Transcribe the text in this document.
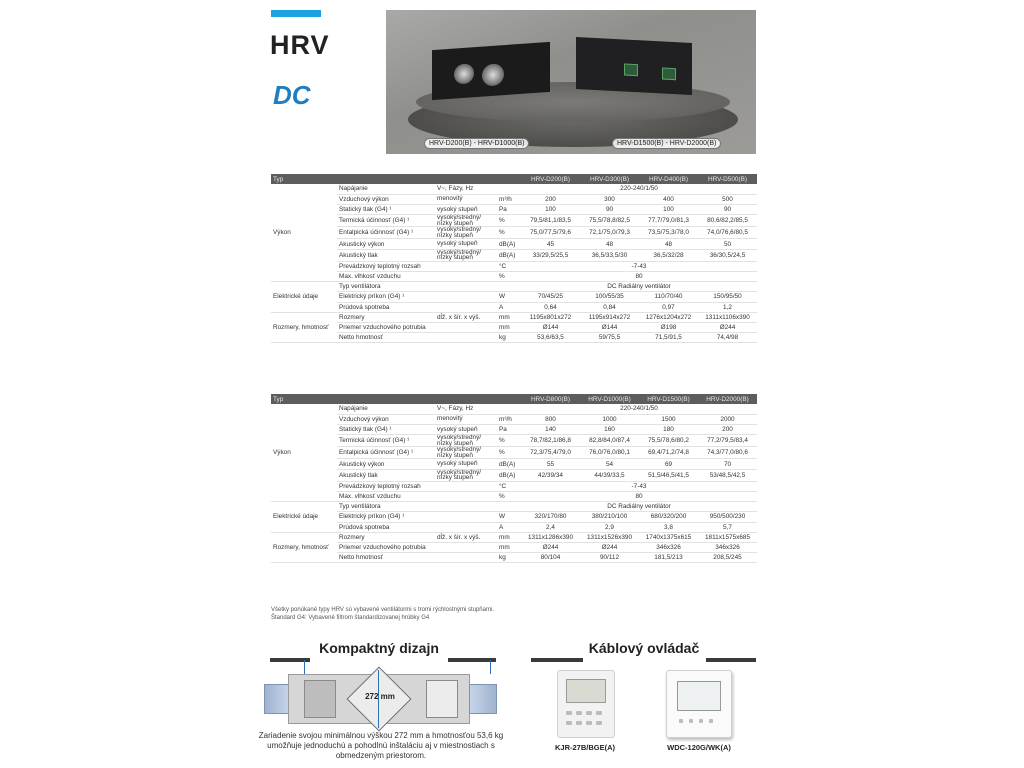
HRV
DC
HRV-D200(B) - HRV-D1000(B)	HRV-D1500(B) - HRV-D2000(B)
Typ				HRV-D200(B)	HRV-D300(B)	HRV-D400(B)	HRV-D500(B)
Výkon	Napájanie	V~, Fázy, Hz		220-240/1/50			
	Vzduchový výkon	menovitý	m³/h	200	300	400	500
	Statický tlak (G4) ¹	vysoký stupeň	Pa	100	90	100	90
	Termická účinnosť (G4) ¹	vysoký/stredný/ nízky stupeň	%	79,5/81,1/83,5	75,5/78,8/82,5	77,7/79,0/81,3	80,6/82,2/85,5
	Entalpická účinnosť (G4) ¹	vysoký/stredný/ nízky stupeň	%	75,0/77,5/79,6	72,1/75,0/79,3	73,5/75,3/78,0	74,0/76,6/80,5
	Akustický výkon	vysoký stupeň	dB(A)	45	48	48	50
	Akustický tlak	vysoký/stredný/ nízky stupeň	dB(A)	33/29,5/25,5	36,5/33,5/30	36,5/32/28	36/30,5/24,5
	Prevádzkový teplotný rozsah		°C	-7-43			
	Max. vlhkosť vzduchu		%	80			
Elektrické údaje	Typ ventilátora			DC Radiálny ventilátor			
	Elektrický príkon (G4) ¹		W	70/45/25	100/55/35	110/70/40	150/95/50
	Prúdová spotreba		A	0,64	0,84	0,97	1,2
Rozmery, hmotnosť	Rozmery	dĺž. x šír. x výš.	mm	1195x801x272	1195x914x272	1276x1204x272	1311x1106x390
	Priemer vzduchového potrubia		mm	Ø144	Ø144	Ø198	Ø244
	Netto hmotnosť		kg	53,6/63,5	59/75,5	71,5/91,5	74,4/98
Typ				HRV-D800(B)	HRV-D1000(B)	HRV-D1500(B)	HRV-D2000(B)
Výkon	Napájanie	V~, Fázy, Hz		220-240/1/50			
	Vzduchový výkon	menovitý	m³/h	800	1000	1500	2000
	Statický tlak (G4) ¹	vysoký stupeň	Pa	140	160	180	200
	Termická účinnosť (G4) ¹	vysoký/stredný/ nízky stupeň	%	78,7/82,1/86,8	82,8/84,0/87,4	75,5/78,6/80,2	77,2/79,5/83,4
	Entalpická účinnosť (G4) ¹	vysoký/stredný/ nízky stupeň	%	72,3/75,4/79,0	76,0/76,0/80,1	69,4/71,2/74,8	74,3/77,0/80,6
	Akustický výkon	vysoký stupeň	dB(A)	55	54	69	70
	Akustický tlak	vysoký/stredný/ nízky stupeň	dB(A)	42/39/34	44/39/33,5	51,5/46,5/41,5	53/48,5/42,5
	Prevádzkový teplotný rozsah		°C	-7-43			
	Max. vlhkosť vzduchu		%	80			
Elektrické údaje	Typ ventilátora			DC Radiálny ventilátor			
	Elektrický príkon (G4) ¹		W	320/170/80	380/210/100	680/320/200	950/500/230
	Prúdová spotreba		A	2,4	2,9	3,8	5,7
Rozmery, hmotnosť	Rozmery	dĺž. x šír. x výš.	mm	1311x1286x390	1311x1526x390	1740x1375x615	1811x1575x685
	Priemer vzduchového potrubia		mm	Ø244	Ø244	346x326	346x326
	Netto hmotnosť		kg	80/104	90/112	181,5/213	208,5/245
Všetky ponúkané typy HRV sú vybavené ventilátormi s tromi rýchlostnými stupňami.
Štandard G4: Vybavené filtrom štandardizovanej hrúbky G4
Kompaktný dizajn
272 mm
Zariadenie svojou minimálnou výškou 272 mm a hmotnosťou 53,6 kg umožňuje jednoduchú a pohodlnú inštaláciu aj v miestnostiach s obmedzeným priestorom.
Káblový ovládač
KJR-27B/BGE(A)	WDC-120G/WK(A)
